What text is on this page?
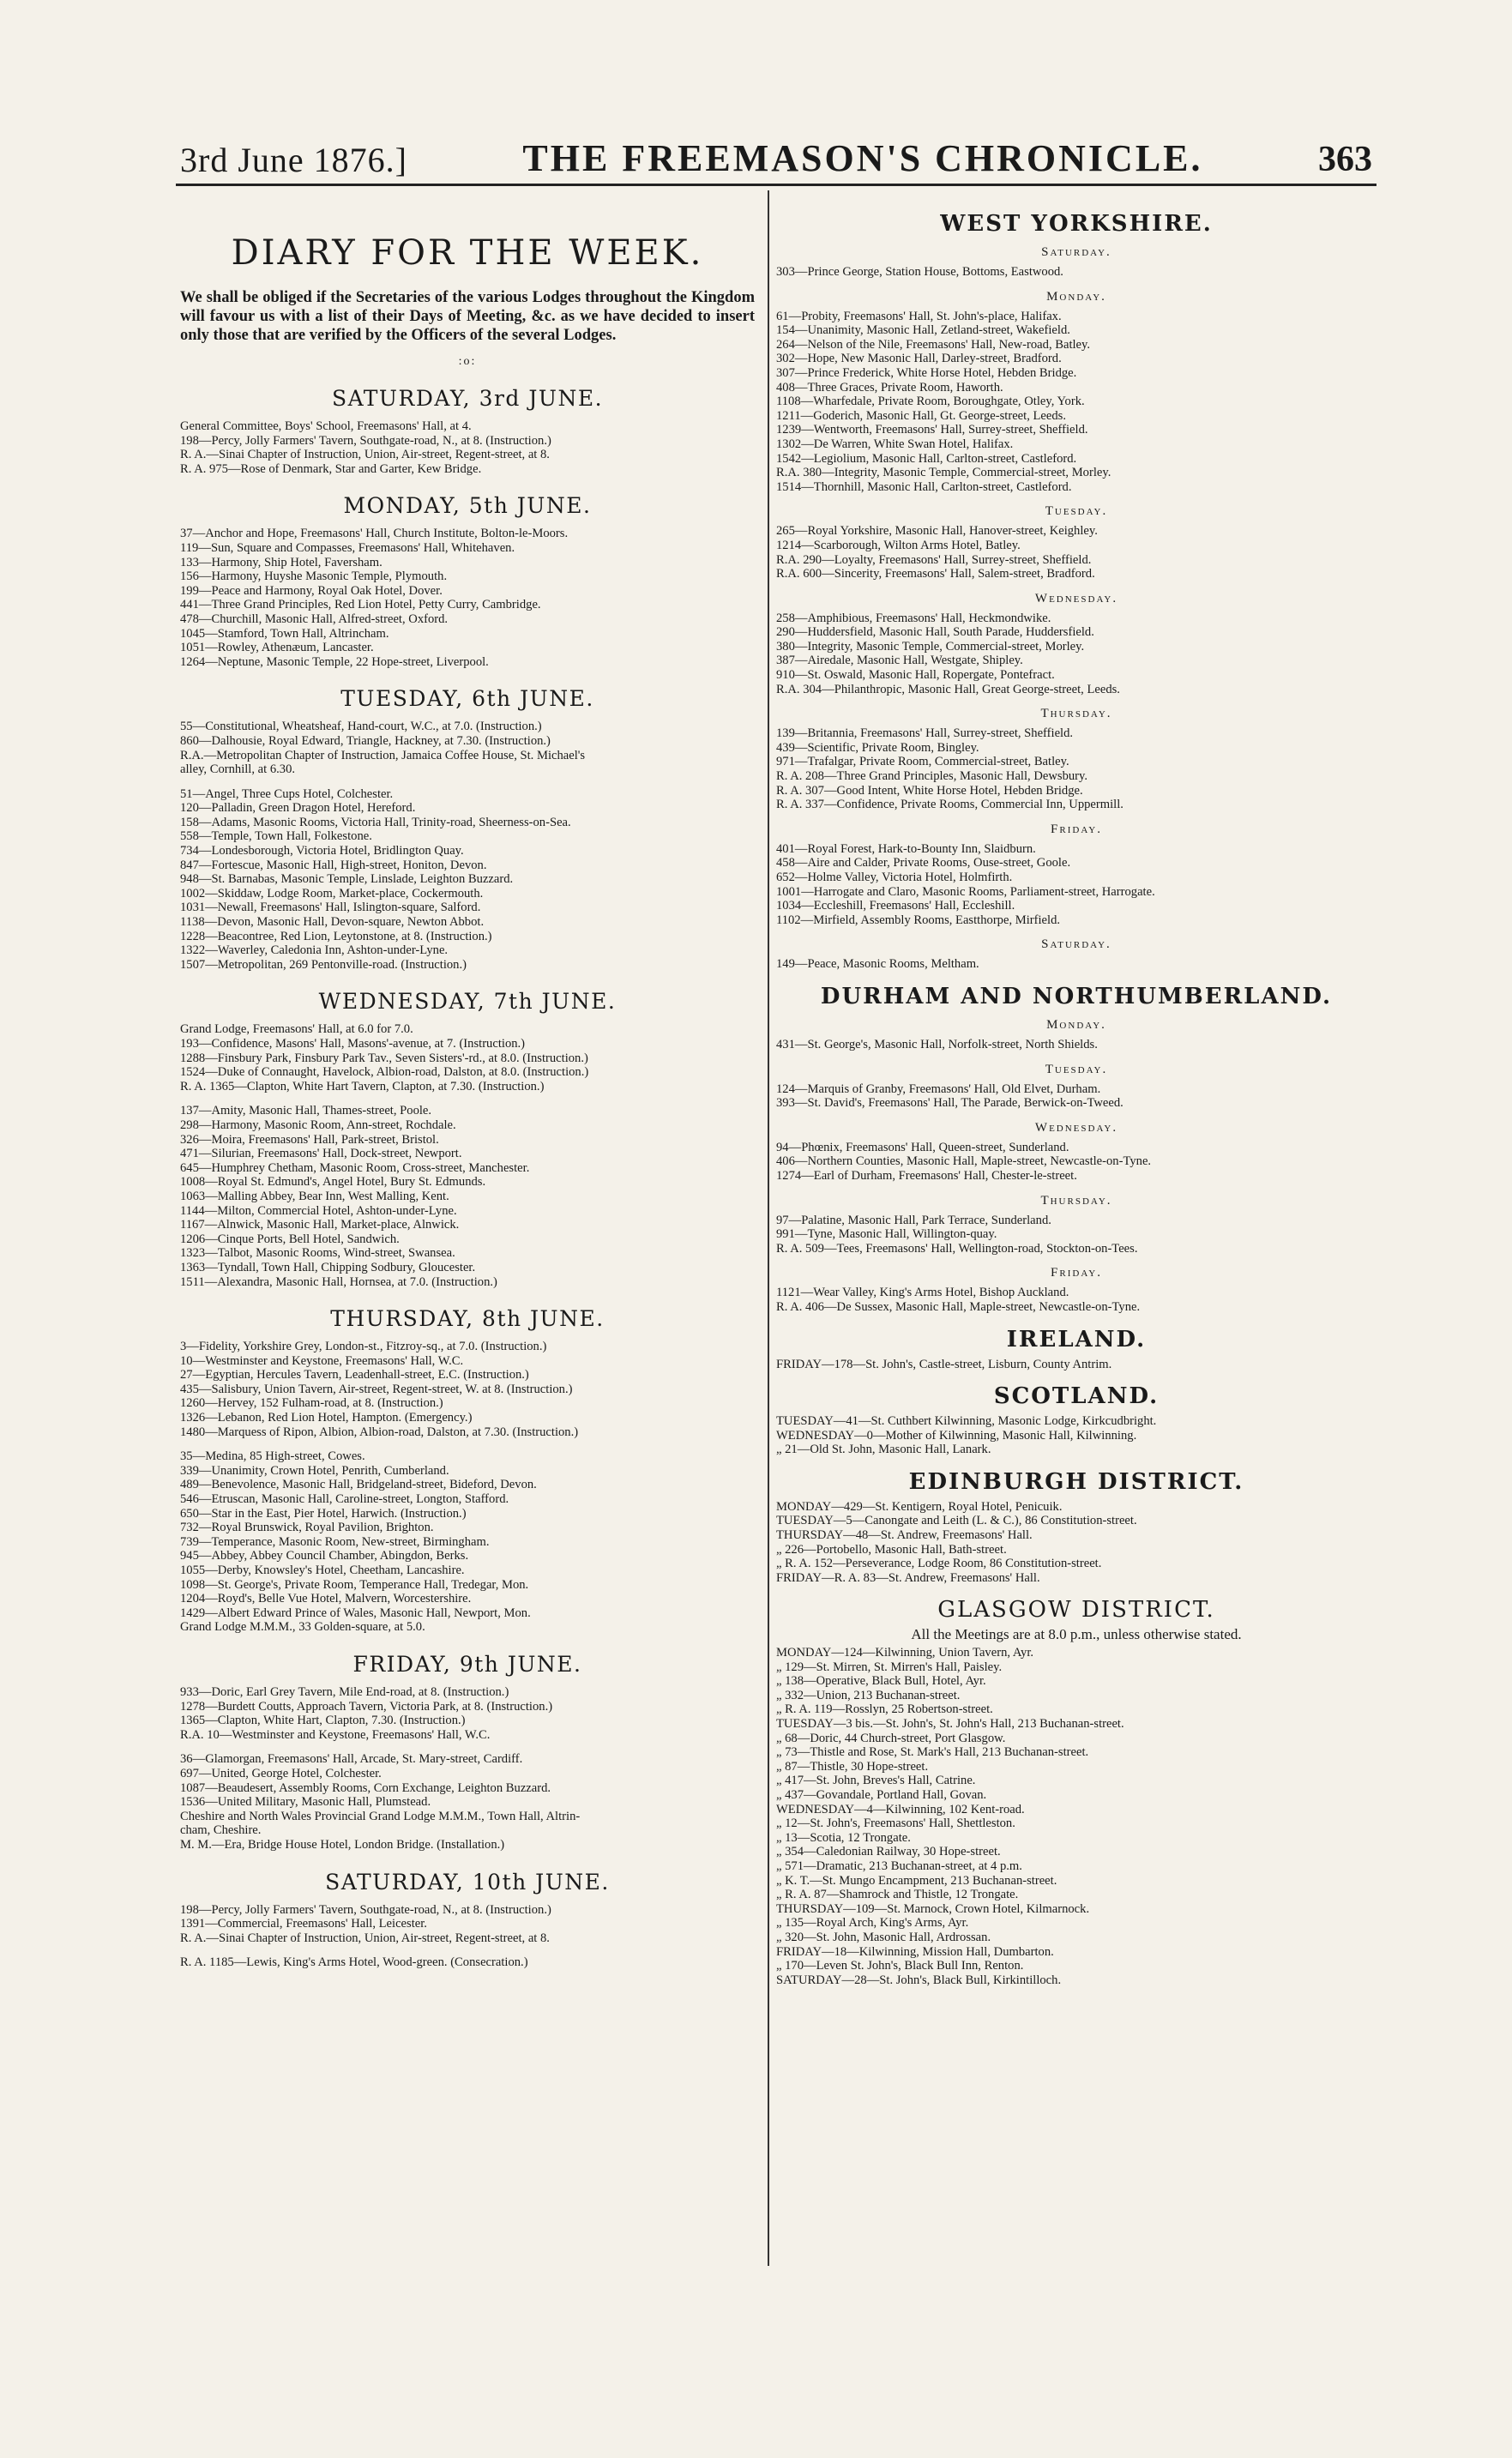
3rd June 1876.]	THE FREEMASON'S CHRONICLE.	363
DIARY FOR THE WEEK.
We shall be obliged if the Secretaries of the various Lodges throughout the Kingdom will favour us with a list of their Days of Meeting, &c. as we have decided to insert only those that are verified by the Officers of the several Lodges.
:o:
SATURDAY, 3rd JUNE.
General Committee, Boys' School, Freemasons' Hall, at 4.
198—Percy, Jolly Farmers' Tavern, Southgate-road, N., at 8. (Instruction.)
R. A.—Sinai Chapter of Instruction, Union, Air-street, Regent-street, at 8.
R. A. 975—Rose of Denmark, Star and Garter, Kew Bridge.
MONDAY, 5th JUNE.
37—Anchor and Hope, Freemasons' Hall, Church Institute, Bolton-le-Moors.
119—Sun, Square and Compasses, Freemasons' Hall, Whitehaven.
133—Harmony, Ship Hotel, Faversham.
156—Harmony, Huyshe Masonic Temple, Plymouth.
199—Peace and Harmony, Royal Oak Hotel, Dover.
441—Three Grand Principles, Red Lion Hotel, Petty Curry, Cambridge.
478—Churchill, Masonic Hall, Alfred-street, Oxford.
1045—Stamford, Town Hall, Altrincham.
1051—Rowley, Athenæum, Lancaster.
1264—Neptune, Masonic Temple, 22 Hope-street, Liverpool.
TUESDAY, 6th JUNE.
55—Constitutional, Wheatsheaf, Hand-court, W.C., at 7.0. (Instruction.)
860—Dalhousie, Royal Edward, Triangle, Hackney, at 7.30. (Instruction.)
R.A.—Metropolitan Chapter of Instruction, Jamaica Coffee House, St. Michael's
alley, Cornhill, at 6.30.
51—Angel, Three Cups Hotel, Colchester.
120—Palladin, Green Dragon Hotel, Hereford.
158—Adams, Masonic Rooms, Victoria Hall, Trinity-road, Sheerness-on-Sea.
558—Temple, Town Hall, Folkestone.
734—Londesborough, Victoria Hotel, Bridlington Quay.
847—Fortescue, Masonic Hall, High-street, Honiton, Devon.
948—St. Barnabas, Masonic Temple, Linslade, Leighton Buzzard.
1002—Skiddaw, Lodge Room, Market-place, Cockermouth.
1031—Newall, Freemasons' Hall, Islington-square, Salford.
1138—Devon, Masonic Hall, Devon-square, Newton Abbot.
1228—Beacontree, Red Lion, Leytonstone, at 8. (Instruction.)
1322—Waverley, Caledonia Inn, Ashton-under-Lyne.
1507—Metropolitan, 269 Pentonville-road. (Instruction.)
WEDNESDAY, 7th JUNE.
Grand Lodge, Freemasons' Hall, at 6.0 for 7.0.
193—Confidence, Masons' Hall, Masons'-avenue, at 7. (Instruction.)
1288—Finsbury Park, Finsbury Park Tav., Seven Sisters'-rd., at 8.0. (Instruction.)
1524—Duke of Connaught, Havelock, Albion-road, Dalston, at 8.0. (Instruction.)
R. A. 1365—Clapton, White Hart Tavern, Clapton, at 7.30. (Instruction.)
137—Amity, Masonic Hall, Thames-street, Poole.
298—Harmony, Masonic Room, Ann-street, Rochdale.
326—Moira, Freemasons' Hall, Park-street, Bristol.
471—Silurian, Freemasons' Hall, Dock-street, Newport.
645—Humphrey Chetham, Masonic Room, Cross-street, Manchester.
1008—Royal St. Edmund's, Angel Hotel, Bury St. Edmunds.
1063—Malling Abbey, Bear Inn, West Malling, Kent.
1144—Milton, Commercial Hotel, Ashton-under-Lyne.
1167—Alnwick, Masonic Hall, Market-place, Alnwick.
1206—Cinque Ports, Bell Hotel, Sandwich.
1323—Talbot, Masonic Rooms, Wind-street, Swansea.
1363—Tyndall, Town Hall, Chipping Sodbury, Gloucester.
1511—Alexandra, Masonic Hall, Hornsea, at 7.0. (Instruction.)
THURSDAY, 8th JUNE.
3—Fidelity, Yorkshire Grey, London-st., Fitzroy-sq., at 7.0. (Instruction.)
10—Westminster and Keystone, Freemasons' Hall, W.C.
27—Egyptian, Hercules Tavern, Leadenhall-street, E.C. (Instruction.)
435—Salisbury, Union Tavern, Air-street, Regent-street, W. at 8. (Instruction.)
1260—Hervey, 152 Fulham-road, at 8. (Instruction.)
1326—Lebanon, Red Lion Hotel, Hampton. (Emergency.)
1480—Marquess of Ripon, Albion, Albion-road, Dalston, at 7.30. (Instruction.)
35—Medina, 85 High-street, Cowes.
339—Unanimity, Crown Hotel, Penrith, Cumberland.
489—Benevolence, Masonic Hall, Bridgeland-street, Bideford, Devon.
546—Etruscan, Masonic Hall, Caroline-street, Longton, Stafford.
650—Star in the East, Pier Hotel, Harwich. (Instruction.)
732—Royal Brunswick, Royal Pavilion, Brighton.
739—Temperance, Masonic Room, New-street, Birmingham.
945—Abbey, Abbey Council Chamber, Abingdon, Berks.
1055—Derby, Knowsley's Hotel, Cheetham, Lancashire.
1098—St. George's, Private Room, Temperance Hall, Tredegar, Mon.
1204—Royd's, Belle Vue Hotel, Malvern, Worcestershire.
1429—Albert Edward Prince of Wales, Masonic Hall, Newport, Mon.
Grand Lodge M.M.M., 33 Golden-square, at 5.0.
FRIDAY, 9th JUNE.
933—Doric, Earl Grey Tavern, Mile End-road, at 8. (Instruction.)
1278—Burdett Coutts, Approach Tavern, Victoria Park, at 8. (Instruction.)
1365—Clapton, White Hart, Clapton, 7.30. (Instruction.)
R.A. 10—Westminster and Keystone, Freemasons' Hall, W.C.
36—Glamorgan, Freemasons' Hall, Arcade, St. Mary-street, Cardiff.
697—United, George Hotel, Colchester.
1087—Beaudesert, Assembly Rooms, Corn Exchange, Leighton Buzzard.
1536—United Military, Masonic Hall, Plumstead.
Cheshire and North Wales Provincial Grand Lodge M.M.M., Town Hall, Altrin-
cham, Cheshire.
M. M.—Era, Bridge House Hotel, London Bridge. (Installation.)
SATURDAY, 10th JUNE.
198—Percy, Jolly Farmers' Tavern, Southgate-road, N., at 8. (Instruction.)
1391—Commercial, Freemasons' Hall, Leicester.
R. A.—Sinai Chapter of Instruction, Union, Air-street, Regent-street, at 8.
R. A. 1185—Lewis, King's Arms Hotel, Wood-green. (Consecration.)
WEST YORKSHIRE.
Saturday.
303—Prince George, Station House, Bottoms, Eastwood.
Monday.
61—Probity, Freemasons' Hall, St. John's-place, Halifax.
154—Unanimity, Masonic Hall, Zetland-street, Wakefield.
264—Nelson of the Nile, Freemasons' Hall, New-road, Batley.
302—Hope, New Masonic Hall, Darley-street, Bradford.
307—Prince Frederick, White Horse Hotel, Hebden Bridge.
408—Three Graces, Private Room, Haworth.
1108—Wharfedale, Private Room, Boroughgate, Otley, York.
1211—Goderich, Masonic Hall, Gt. George-street, Leeds.
1239—Wentworth, Freemasons' Hall, Surrey-street, Sheffield.
1302—De Warren, White Swan Hotel, Halifax.
1542—Legiolium, Masonic Hall, Carlton-street, Castleford.
R.A. 380—Integrity, Masonic Temple, Commercial-street, Morley.
1514—Thornhill, Masonic Hall, Carlton-street, Castleford.
Tuesday.
265—Royal Yorkshire, Masonic Hall, Hanover-street, Keighley.
1214—Scarborough, Wilton Arms Hotel, Batley.
R.A. 290—Loyalty, Freemasons' Hall, Surrey-street, Sheffield.
R.A. 600—Sincerity, Freemasons' Hall, Salem-street, Bradford.
Wednesday.
258—Amphibious, Freemasons' Hall, Heckmondwike.
290—Huddersfield, Masonic Hall, South Parade, Huddersfield.
380—Integrity, Masonic Temple, Commercial-street, Morley.
387—Airedale, Masonic Hall, Westgate, Shipley.
910—St. Oswald, Masonic Hall, Ropergate, Pontefract.
R.A. 304—Philanthropic, Masonic Hall, Great George-street, Leeds.
Thursday.
139—Britannia, Freemasons' Hall, Surrey-street, Sheffield.
439—Scientific, Private Room, Bingley.
971—Trafalgar, Private Room, Commercial-street, Batley.
R. A. 208—Three Grand Principles, Masonic Hall, Dewsbury.
R. A. 307—Good Intent, White Horse Hotel, Hebden Bridge.
R. A. 337—Confidence, Private Rooms, Commercial Inn, Uppermill.
Friday.
401—Royal Forest, Hark-to-Bounty Inn, Slaidburn.
458—Aire and Calder, Private Rooms, Ouse-street, Goole.
652—Holme Valley, Victoria Hotel, Holmfirth.
1001—Harrogate and Claro, Masonic Rooms, Parliament-street, Harrogate.
1034—Eccleshill, Freemasons' Hall, Eccleshill.
1102—Mirfield, Assembly Rooms, Eastthorpe, Mirfield.
Saturday.
149—Peace, Masonic Rooms, Meltham.
DURHAM AND NORTHUMBERLAND.
Monday.
431—St. George's, Masonic Hall, Norfolk-street, North Shields.
Tuesday.
124—Marquis of Granby, Freemasons' Hall, Old Elvet, Durham.
393—St. David's, Freemasons' Hall, The Parade, Berwick-on-Tweed.
Wednesday.
94—Phœnix, Freemasons' Hall, Queen-street, Sunderland.
406—Northern Counties, Masonic Hall, Maple-street, Newcastle-on-Tyne.
1274—Earl of Durham, Freemasons' Hall, Chester-le-street.
Thursday.
97—Palatine, Masonic Hall, Park Terrace, Sunderland.
991—Tyne, Masonic Hall, Willington-quay.
R. A. 509—Tees, Freemasons' Hall, Wellington-road, Stockton-on-Tees.
Friday.
1121—Wear Valley, King's Arms Hotel, Bishop Auckland.
R. A. 406—De Sussex, Masonic Hall, Maple-street, Newcastle-on-Tyne.
IRELAND.
FRIDAY—178—St. John's, Castle-street, Lisburn, County Antrim.
SCOTLAND.
TUESDAY—41—St. Cuthbert Kilwinning, Masonic Lodge, Kirkcudbright.
WEDNESDAY—0—Mother of Kilwinning, Masonic Hall, Kilwinning.
„ 21—Old St. John, Masonic Hall, Lanark.
EDINBURGH DISTRICT.
MONDAY—429—St. Kentigern, Royal Hotel, Penicuik.
TUESDAY—5—Canongate and Leith (L. & C.), 86 Constitution-street.
THURSDAY—48—St. Andrew, Freemasons' Hall.
„ 226—Portobello, Masonic Hall, Bath-street.
„ R. A. 152—Perseverance, Lodge Room, 86 Constitution-street.
FRIDAY—R. A. 83—St. Andrew, Freemasons' Hall.
GLASGOW DISTRICT.
All the Meetings are at 8.0 p.m., unless otherwise stated.
MONDAY—124—Kilwinning, Union Tavern, Ayr.
„ 129—St. Mirren, St. Mirren's Hall, Paisley.
„ 138—Operative, Black Bull, Hotel, Ayr.
„ 332—Union, 213 Buchanan-street.
„ R. A. 119—Rosslyn, 25 Robertson-street.
TUESDAY—3 bis.—St. John's, St. John's Hall, 213 Buchanan-street.
„ 68—Doric, 44 Church-street, Port Glasgow.
„ 73—Thistle and Rose, St. Mark's Hall, 213 Buchanan-street.
„ 87—Thistle, 30 Hope-street.
„ 417—St. John, Breves's Hall, Catrine.
„ 437—Govandale, Portland Hall, Govan.
WEDNESDAY—4—Kilwinning, 102 Kent-road.
„ 12—St. John's, Freemasons' Hall, Shettleston.
„ 13—Scotia, 12 Trongate.
„ 354—Caledonian Railway, 30 Hope-street.
„ 571—Dramatic, 213 Buchanan-street, at 4 p.m.
„ K. T.—St. Mungo Encampment, 213 Buchanan-street.
„ R. A. 87—Shamrock and Thistle, 12 Trongate.
THURSDAY—109—St. Marnock, Crown Hotel, Kilmarnock.
„ 135—Royal Arch, King's Arms, Ayr.
„ 320—St. John, Masonic Hall, Ardrossan.
FRIDAY—18—Kilwinning, Mission Hall, Dumbarton.
„ 170—Leven St. John's, Black Bull Inn, Renton.
SATURDAY—28—St. John's, Black Bull, Kirkintilloch.
